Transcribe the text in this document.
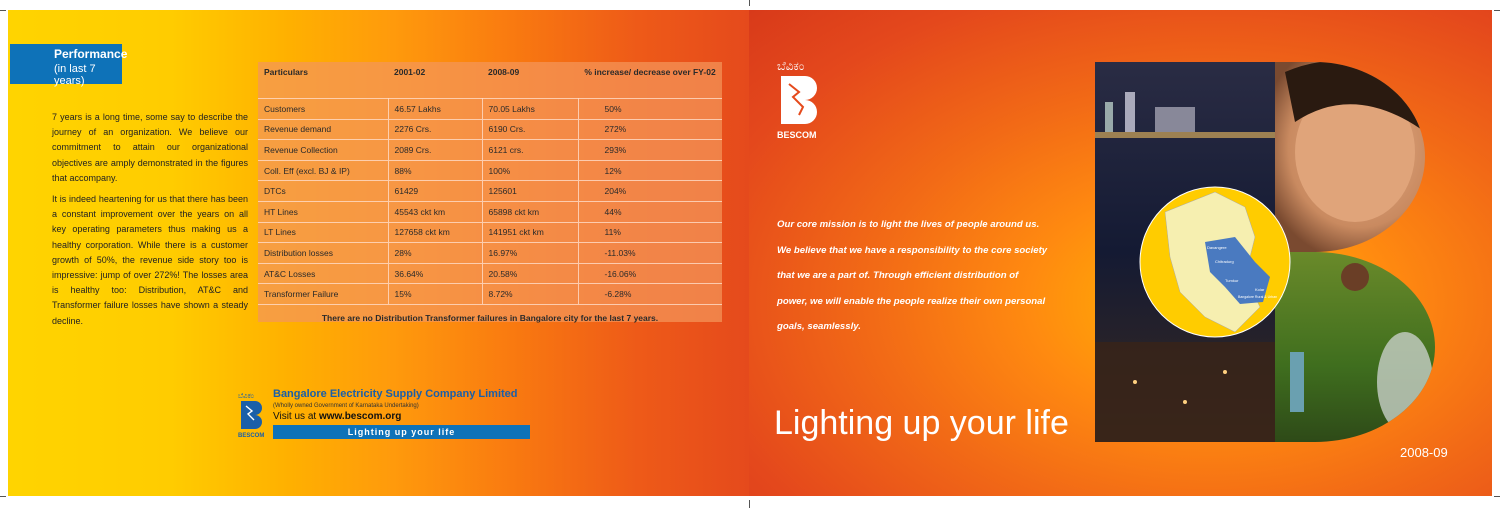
Performance
(in last 7 years)

7 years is a long time, some say to describe the journey of an organization. We believe our commitment to attain our organizational objectives are amply demonstrated in the figures that accompany.

It is indeed heartening for us that there has been a constant improvement over the years on all key operating parameters thus making us a healthy corporation. While there is a customer growth of 50%, the revenue side story too is impressive: jump of over 272%! The losses area is healthy too: Distribution, AT&C and Transformer failure losses have shown a steady decline.

Particulars	2001-02	2008-09	% increase/ decrease over FY-02
Customers	46.57 Lakhs	70.05 Lakhs	50%
Revenue demand	2276 Crs.	6190 Crs.	272%
Revenue Collection	2089 Crs.	6121 crs.	293%
Coll. Eff (excl. BJ & IP)	88%	100%	12%
DTCs	61429	125601	204%
HT Lines	45543 ckt km	65898 ckt km	44%
LT Lines	127658 ckt km	141951 ckt km	11%
Distribution losses	28%	16.97%	-11.03%
AT&C Losses	36.64%	20.58%	-16.06%
Transformer Failure	15%	8.72%	-6.28%
There are no Distribution Transformer failures in Bangalore city for the last 7 years.			
ಬೆವಿಕಂ
BESCOM
Bangalore Electricity Supply Company Limited
(Wholly owned Government of Karnataka Undertaking)
Visit us at www.bescom.org
Lighting up your life
ಬೆವಿಕಂ
BESCOM
Our core mission is to light the lives of people around us.
We believe that we have a responsibility to the core society
that we are a part of. Through efficient distribution of
power, we will enable the people realize their own personal
goals, seamlessly.
Lighting up your life
2008-09
Davangere
Chitradurg
Tumkur
Kolar
Bangalore Rural & Urban
